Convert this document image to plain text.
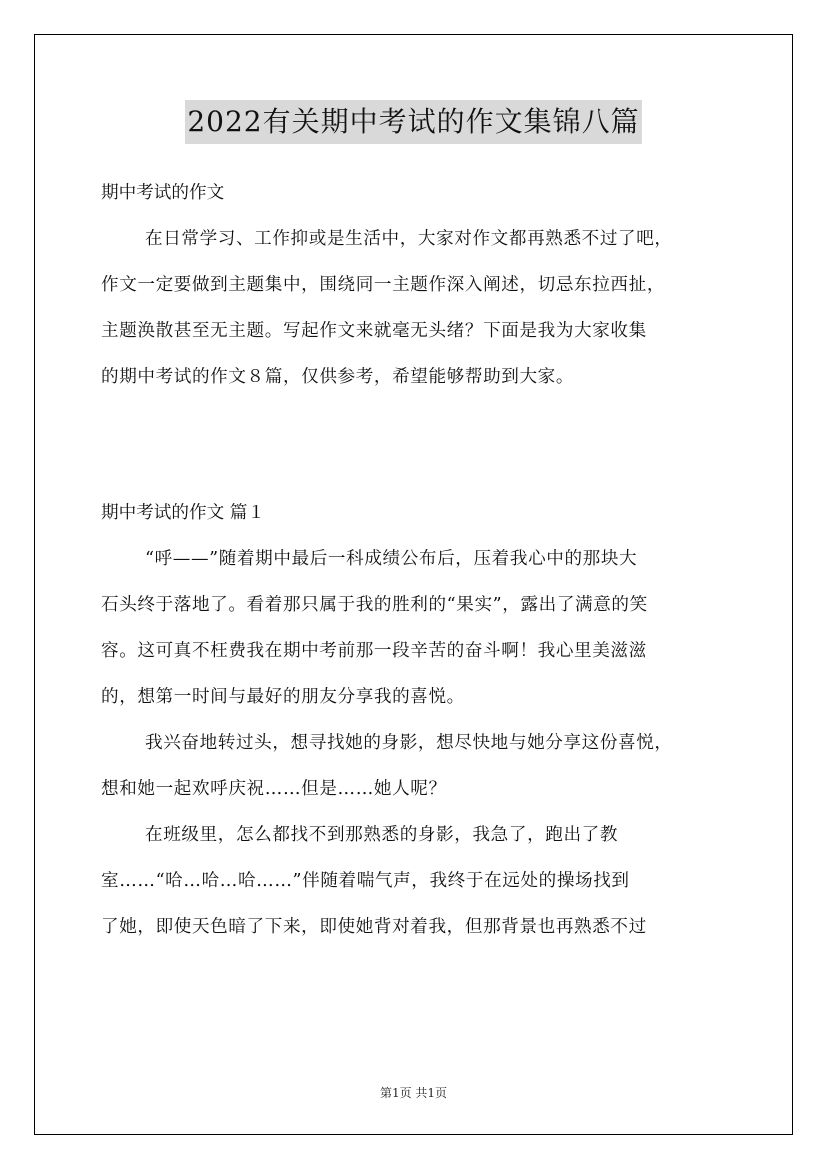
2022有关期中考试的作文集锦八篇
期中考试的作文
在日常学习、工作抑或是生活中，大家对作文都再熟悉不过了吧，
作文一定要做到主题集中，围绕同一主题作深入阐述，切忌东拉西扯，
主题涣散甚至无主题。写起作文来就毫无头绪？下面是我为大家收集
的期中考试的作文８篇，仅供参考，希望能够帮助到大家。
期中考试的作文 篇１
“呼——”随着期中最后一科成绩公布后，压着我心中的那块大
石头终于落地了。看着那只属于我的胜利的“果实”，露出了满意的笑
容。这可真不枉费我在期中考前那一段辛苦的奋斗啊！我心里美滋滋
的，想第一时间与最好的朋友分享我的喜悦。
我兴奋地转过头，想寻找她的身影，想尽快地与她分享这份喜悦，
想和她一起欢呼庆祝……但是……她人呢？
在班级里，怎么都找不到那熟悉的身影，我急了，跑出了教
室……“哈…哈…哈……”伴随着喘气声，我终于在远处的操场找到
了她，即使天色暗了下来，即使她背对着我，但那背景也再熟悉不过
第1页 共1页
